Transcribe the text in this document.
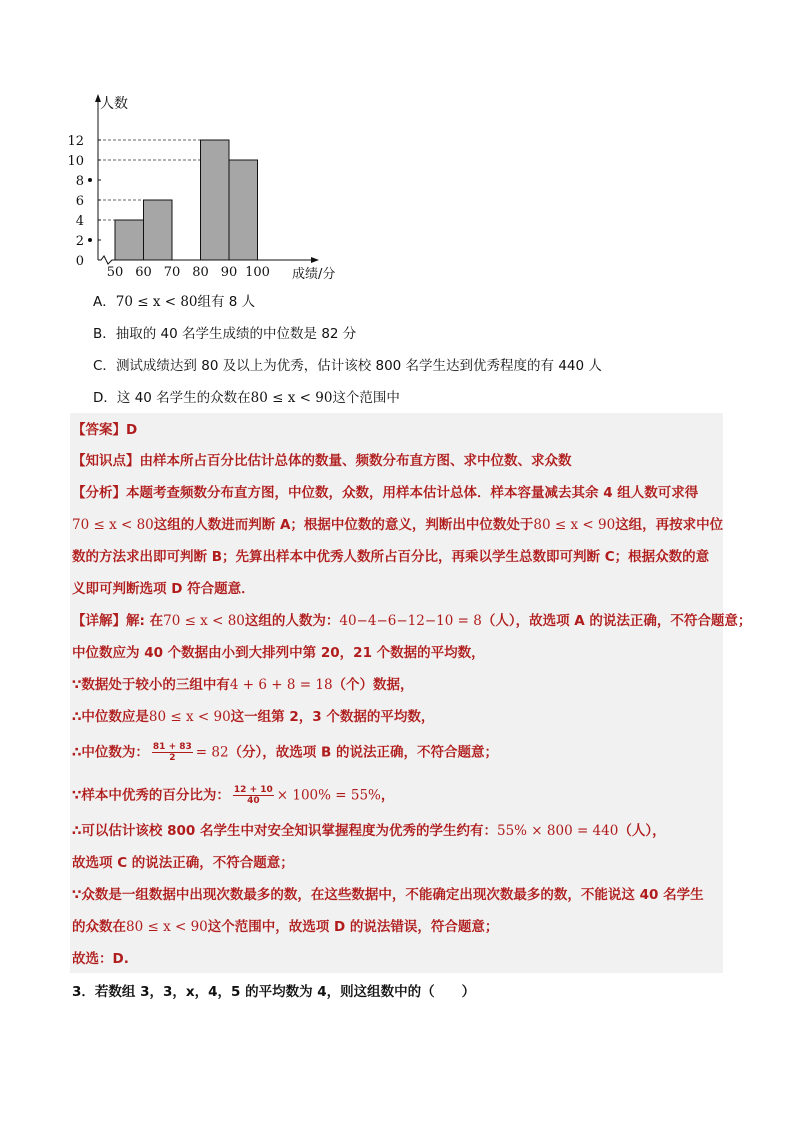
0
2
4
6
8
10
12
50 60 70 80 90 100
人数
成绩/分
A．70 ≤ x < 80组有 8 人
B．抽取的 40 名学生成绩的中位数是 82 分
C．测试成绩达到 80 及以上为优秀，估计该校 800 名学生达到优秀程度的有 440 人
D．这 40 名学生的众数在80 ≤ x < 90这个范围中
【答案】D
【知识点】由样本所占百分比估计总体的数量、频数分布直方图、求中位数、求众数
【分析】本题考查频数分布直方图，中位数，众数，用样本估计总体．样本容量减去其余 4 组人数可求得
70 ≤ x < 80这组的人数进而判断 A；根据中位数的意义，判断出中位数处于80 ≤ x < 90这组，再按求中位
数的方法求出即可判断 B；先算出样本中优秀人数所占百分比，再乘以学生总数即可判断 C；根据众数的意
义即可判断选项 D 符合题意．
【详解】解: 在70 ≤ x < 80这组的人数为：40−4−6−12−10 = 8（人），故选项 A 的说法正确，不符合题意；
中位数应为 40 个数据由小到大排列中第 20，21 个数据的平均数，
∵数据处于较小的三组中有4 + 6 + 8 = 18（个）数据，
∴中位数应是80 ≤ x < 90这一组第 2，3 个数据的平均数，
∴中位数为： $\frac{81 + 83}{2} = 82$（分），故选项 B 的说法正确，不符合题意；
∵样本中优秀的百分比为： $\frac{12 + 10}{40} \times 100\% = 55\%$，
∴可以估计该校 800 名学生中对安全知识掌握程度为优秀的学生约有：55% × 800 = 440（人），
故选项 C 的说法正确，不符合题意；
∵众数是一组数据中出现次数最多的数，在这些数据中，不能确定出现次数最多的数，不能说这 40 名学生
的众数在80 ≤ x < 90这个范围中，故选项 D 的说法错误，符合题意；
故选：D.
3．若数组 3，3，x，4，5 的平均数为 4，则这组数中的（　　）
